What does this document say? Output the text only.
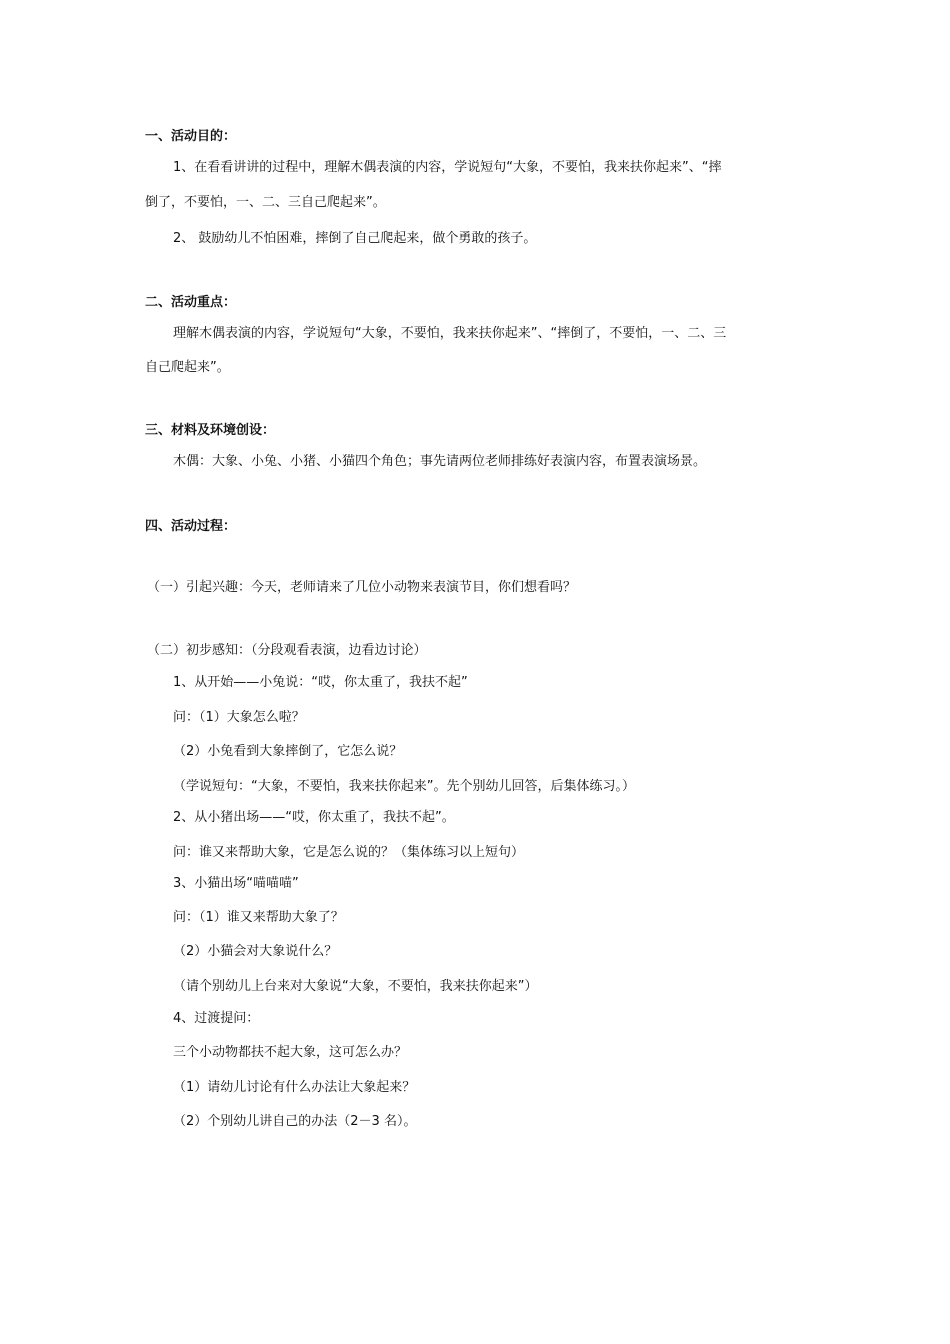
一、活动目的：
1、在看看讲讲的过程中，理解木偶表演的内容，学说短句“大象，不要怕，我来扶你起来”、“摔
倒了，不要怕，一、二、三自己爬起来”。
2、 鼓励幼儿不怕困难，摔倒了自己爬起来，做个勇敢的孩子。
二、活动重点：
理解木偶表演的内容，学说短句“大象，不要怕，我来扶你起来”、“摔倒了，不要怕，一、二、三
自己爬起来”。
三、材料及环境创设：
木偶：大象、小兔、小猪、小猫四个角色；事先请两位老师排练好表演内容，布置表演场景。
四、活动过程：
（一）引起兴趣：今天，老师请来了几位小动物来表演节目，你们想看吗？
（二）初步感知：（分段观看表演，边看边讨论）
1、从开始——小兔说：“哎，你太重了，我扶不起”
问：（1）大象怎么啦？
（2）小兔看到大象摔倒了，它怎么说？
（学说短句：“大象，不要怕，我来扶你起来”。先个别幼儿回答，后集体练习。）
2、从小猪出场——“哎，你太重了，我扶不起”。
问：谁又来帮助大象，它是怎么说的？（集体练习以上短句）
3、小猫出场“喵喵喵”
问：（1）谁又来帮助大象了？
（2）小猫会对大象说什么？
（请个别幼儿上台来对大象说“大象，不要怕，我来扶你起来”）
4、过渡提问：
三个小动物都扶不起大象，这可怎么办？
（1）请幼儿讨论有什么办法让大象起来？
（2）个别幼儿讲自己的办法（2－3 名）。
